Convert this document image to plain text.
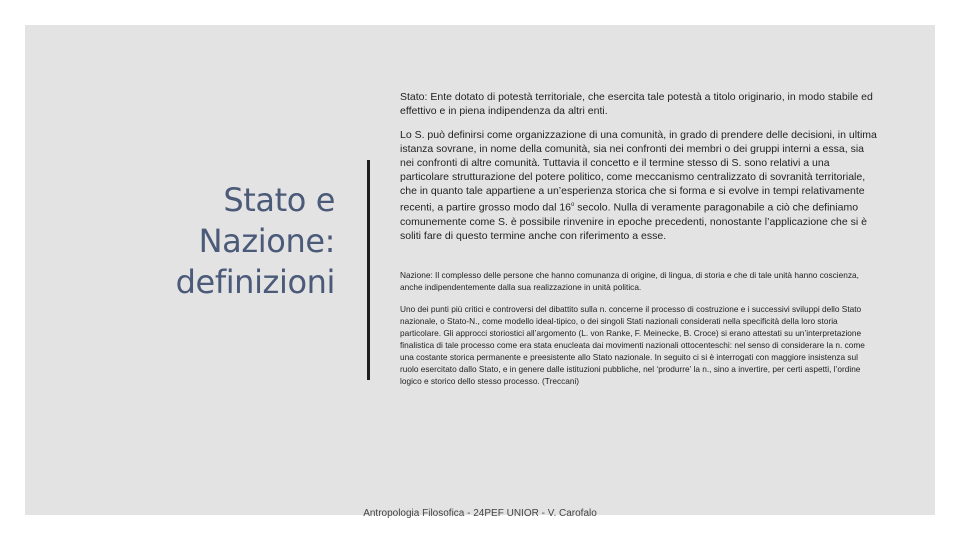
Stato e Nazione: definizioni

Stato: Ente dotato di potestà territoriale, che esercita tale potestà a titolo originario, in modo stabile ed effettivo e in piena indipendenza da altri enti.

Lo S. può definirsi come organizzazione di una comunità, in grado di prendere delle decisioni, in ultima istanza sovrane, in nome della comunità, sia nei confronti dei membri o dei gruppi interni a essa, sia nei confronti di altre comunità. Tuttavia il concetto e il termine stesso di S. sono relativi a una particolare strutturazione del potere politico, come meccanismo centralizzato di sovranità territoriale, che in quanto tale appartiene a un’esperienza storica che si forma e si evolve in tempi relativamente recenti, a partire grosso modo dal 16$^o$ secolo. Nulla di veramente paragonabile a ciò che definiamo comunemente come S. è possibile rinvenire in epoche precedenti, nonostante l’applicazione che si è soliti fare di questo termine anche con riferimento a esse.

Nazione: Il complesso delle persone che hanno comunanza di origine, di lingua, di storia e che di tale unità hanno coscienza, anche indipendentemente dalla sua realizzazione in unità politica.

Uno dei punti più critici e controversi del dibattito sulla n. concerne il processo di costruzione e i successivi sviluppi dello Stato nazionale, o Stato-N., come modello ideal-tipico, o dei singoli Stati nazionali considerati nella specificità della loro storia particolare. Gli approcci storiostici all’argomento (L. von Ranke, F. Meinecke, B. Croce) si erano attestati su un’interpretazione finalistica di tale processo come era stata enucleata dai movimenti nazionali ottocenteschi: nel senso di considerare la n. come una costante storica permanente e preesistente allo Stato nazionale. In seguito ci si è interrogati con maggiore insistenza sul ruolo esercitato dallo Stato, e in genere dalle istituzioni pubbliche, nel ‘produrre’ la n., sino a invertire, per certi aspetti, l’ordine logico e storico dello stesso processo. (Treccani)

Antropologia Filosofica - 24PEF UNIOR - V. Carofalo
